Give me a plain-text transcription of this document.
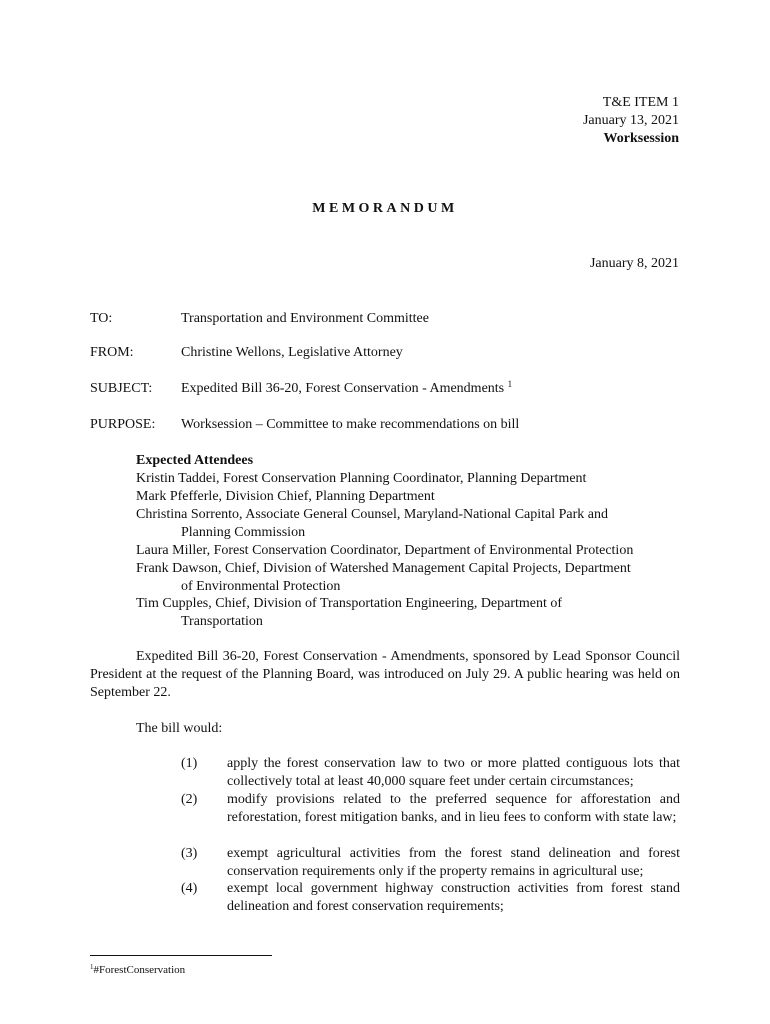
T&E ITEM 1
January 13, 2021
Worksession
MEMORANDUM
January 8, 2021
TO:	Transportation and Environment Committee
FROM:	Christine Wellons, Legislative Attorney
SUBJECT: Expedited Bill 36-20, Forest Conservation - Amendments $^1$
PURPOSE: Worksession – Committee to make recommendations on bill
Expected Attendees
Kristin Taddei, Forest Conservation Planning Coordinator, Planning Department
Mark Pfefferle, Division Chief, Planning Department
Christina Sorrento, Associate General Counsel, Maryland-National Capital Park and
Planning Commission
Laura Miller, Forest Conservation Coordinator, Department of Environmental Protection
Frank Dawson, Chief, Division of Watershed Management Capital Projects, Department
of Environmental Protection
Tim Cupples, Chief, Division of Transportation Engineering, Department of
Transportation
Expedited Bill 36-20, Forest Conservation - Amendments, sponsored by Lead Sponsor Council President at the request of the Planning Board, was introduced on July 29. A public hearing was held on September 22.
The bill would:
(1) apply the forest conservation law to two or more platted contiguous lots that collectively total at least 40,000 square feet under certain circumstances;
(2) modify provisions related to the preferred sequence for afforestation and reforestation, forest mitigation banks, and in lieu fees to conform with state law;
(3) exempt agricultural activities from the forest stand delineation and forest conservation requirements only if the property remains in agricultural use;
(4) exempt local government highway construction activities from forest stand delineation and forest conservation requirements;
$^1$#ForestConservation
